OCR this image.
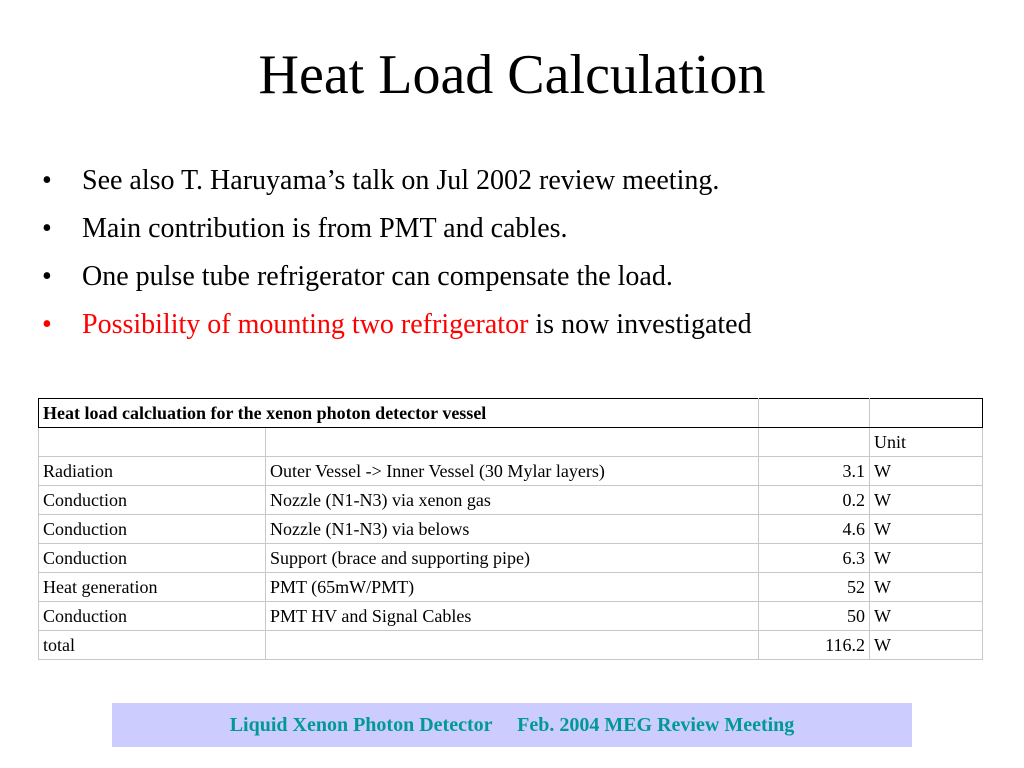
Heat Load Calculation
• See also T. Haruyama’s talk on Jul 2002 review meeting.
• Main contribution is from PMT and cables.
• One pulse tube refrigerator can compensate the load.
• Possibility of mounting two refrigerator is now investigated
Heat load calcluation for the xenon photon detector vessel			
			Unit
Radiation	Outer Vessel -> Inner Vessel (30 Mylar layers)	3.1	W
Conduction	Nozzle (N1-N3) via xenon gas	0.2	W
Conduction	Nozzle (N1-N3) via belows	4.6	W
Conduction	Support (brace and supporting pipe)	6.3	W
Heat generation	PMT (65mW/PMT)	52	W
Conduction	PMT HV and Signal Cables	50	W
total		116.2	W
Liquid Xenon Photon Detector Feb. 2004 MEG Review Meeting
